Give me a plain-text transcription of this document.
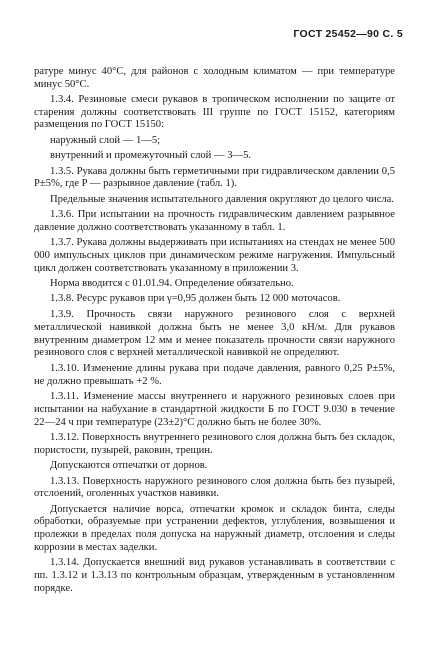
ГОСТ 25452—90 С. 5

ратуре минус 40°С, для районов с холодным климатом — при температуре минус 50°С.

1.3.4. Резиновые смеси рукавов в тропическом исполнении по защите от старения должны соответствовать III группе по ГОСТ 15152, категориям размещения по ГОСТ 15150:

наружный слой — 1—5;

внутренний и промежуточный слой — 3—5.

1.3.5. Рукава должны быть герметичными при гидравлическом давлении 0,5 P±5%, где P — разрывное давление (табл. 1).

Предельные значения испытательного давления округляют до целого числа.

1.3.6. При испытании на прочность гидравлическим давлением разрывное давление должно соответствовать указанному в табл. 1.

1.3.7. Рукава должны выдерживать при испытаниях на стендах не менее 500 000 импульсных циклов при динамическом режиме нагружения. Импульсный цикл должен соответствовать указанному в приложении 3.

Норма вводится с 01.01.94. Определение обязательно.

1.3.8. Ресурс рукавов при γ=0,95 должен быть 12 000 моточасов.

1.3.9. Прочность связи наружного резинового слоя с верхней металлической навивкой должна быть не менее 3,0 кН/м. Для рукавов внутренним диаметром 12 мм и менее показатель прочности связи наружного резинового слоя с верхней металлической навивкой не определяют.

1.3.10. Изменение длины рукава при подаче давления, равного 0,25 P±5%, не должно превышать +2 %.

1.3.11. Изменение массы внутреннего и наружного резиновых слоев при испытании на набухание в стандартной жидкости Б по ГОСТ 9.030 в течение 22—24 ч при температуре (23±2)°С должно быть не более 30%.

1.3.12. Поверхность внутреннего резинового слоя должна быть без складок, пористости, пузырей, раковин, трещин.

Допускаются отпечатки от дорнов.

1.3.13. Поверхность наружного резинового слоя должна быть без пузырей, отслоений, оголенных участков навивки.

Допускается наличие ворса, отпечатки кромок и складок бинта, следы обработки, образуемые при устранении дефектов, углубления, возвышения и пролежки в пределах поля допуска на наружный диаметр, отслоения и следы коррозии в местах заделки.

1.3.14. Допускается внешний вид рукавов устанавливать в соответствии с пп. 1.3.12 и 1.3.13 по контрольным образцам, утвержденным в установленном порядке.
